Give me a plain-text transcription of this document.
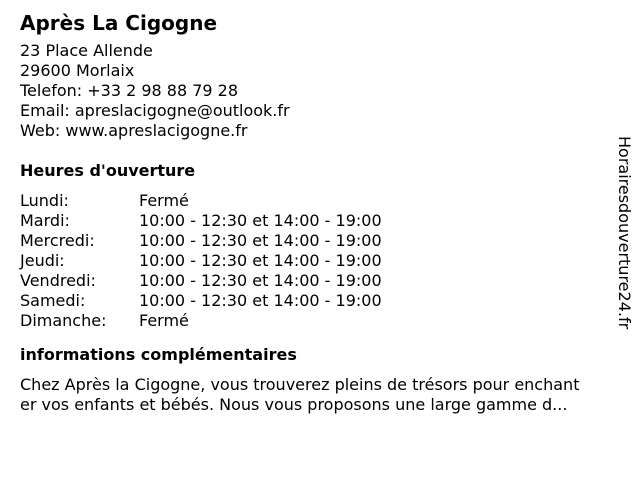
Après La Cigogne
23 Place Allende
29600 Morlaix
Telefon: +33 2 98 88 79 28
Email: apreslacigogne@outlook.fr
Web: www.apreslacigogne.fr
Heures d'ouverture
Lundi:	Fermé
Mardi:	10:00 - 12:30 et 14:00 - 19:00
Mercredi:	10:00 - 12:30 et 14:00 - 19:00
Jeudi:	10:00 - 12:30 et 14:00 - 19:00
Vendredi:	10:00 - 12:30 et 14:00 - 19:00
Samedi:	10:00 - 12:30 et 14:00 - 19:00
Dimanche:	Fermé
informations complémentaires
Chez Après la Cigogne, vous trouverez pleins de trésors pour enchant
er vos enfants et bébés. Nous vous proposons une large gamme d...
Horairesdouverture24.fr
